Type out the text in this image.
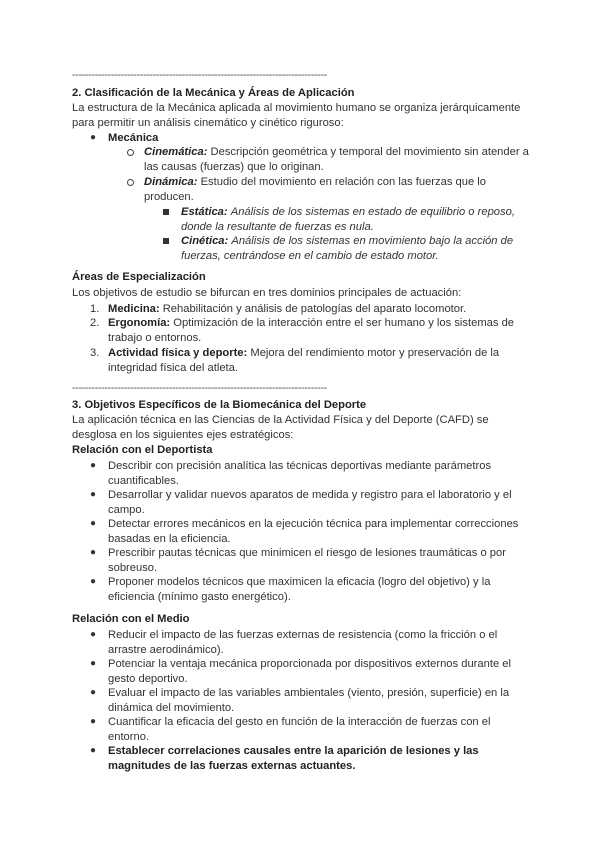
-------------------------------------------------------------------------------
2. Clasificación de la Mecánica y Áreas de Aplicación
La estructura de la Mecánica aplicada al movimiento humano se organiza jerárquicamente
para permitir un análisis cinemático y cinético riguroso:
● Mecánica
Cinemática: Descripción geométrica y temporal del movimiento sin atender a
las causas (fuerzas) que lo originan.
Dinámica: Estudio del movimiento en relación con las fuerzas que lo
producen.
Estática: Análisis de los sistemas en estado de equilibrio o reposo,
donde la resultante de fuerzas es nula.
Cinética: Análisis de los sistemas en movimiento bajo la acción de
fuerzas, centrándose en el cambio de estado motor.
Áreas de Especialización
Los objetivos de estudio se bifurcan en tres dominios principales de actuación:
1. Medicina: Rehabilitación y análisis de patologías del aparato locomotor.
2. Ergonomía: Optimización de la interacción entre el ser humano y los sistemas de
trabajo o entornos.
3. Actividad física y deporte: Mejora del rendimiento motor y preservación de la
integridad física del atleta.
-------------------------------------------------------------------------------
3. Objetivos Específicos de la Biomecánica del Deporte
La aplicación técnica en las Ciencias de la Actividad Física y del Deporte (CAFD) se
desglosa en los siguientes ejes estratégicos:
Relación con el Deportista
● Describir con precisión analítica las técnicas deportivas mediante parámetros
cuantificables.
● Desarrollar y validar nuevos aparatos de medida y registro para el laboratorio y el
campo.
● Detectar errores mecánicos en la ejecución técnica para implementar correcciones
basadas en la eficiencia.
● Prescribir pautas técnicas que minimicen el riesgo de lesiones traumáticas o por
sobreuso.
● Proponer modelos técnicos que maximicen la eficacia (logro del objetivo) y la
eficiencia (mínimo gasto energético).
Relación con el Medio
● Reducir el impacto de las fuerzas externas de resistencia (como la fricción o el
arrastre aerodinámico).
● Potenciar la ventaja mecánica proporcionada por dispositivos externos durante el
gesto deportivo.
● Evaluar el impacto de las variables ambientales (viento, presión, superficie) en la
dinámica del movimiento.
● Cuantificar la eficacia del gesto en función de la interacción de fuerzas con el
entorno.
● Establecer correlaciones causales entre la aparición de lesiones y las
magnitudes de las fuerzas externas actuantes.
